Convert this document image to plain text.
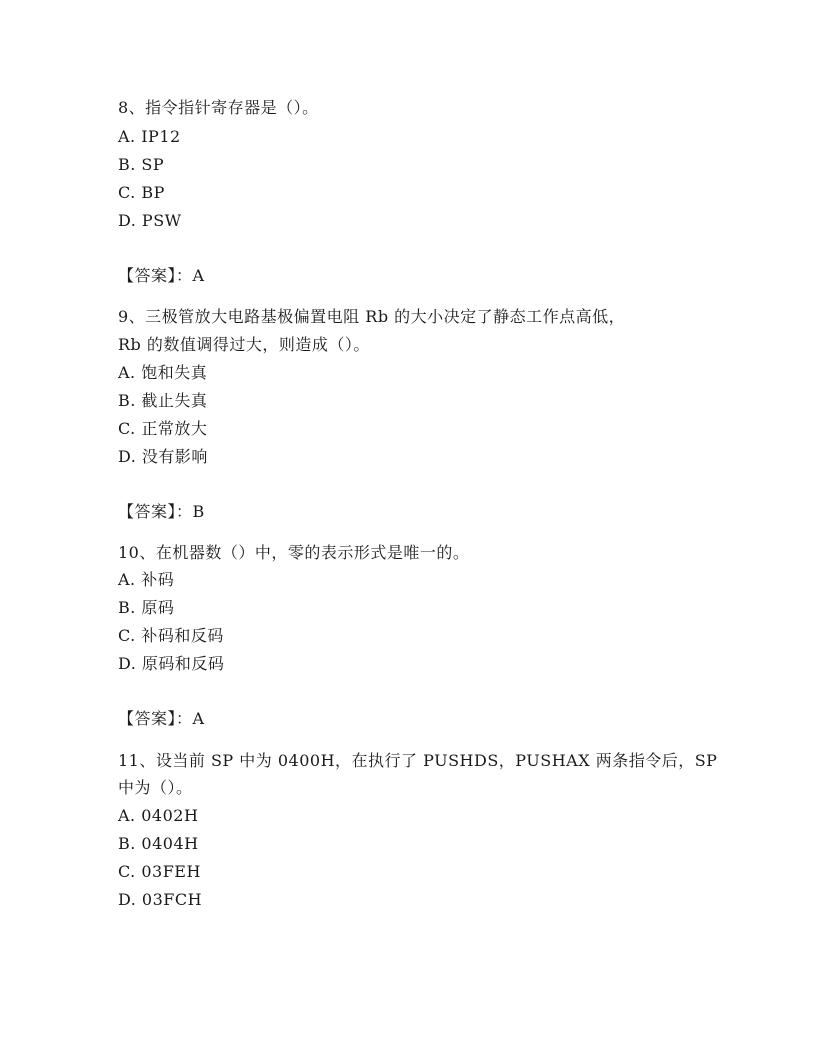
8、指令指针寄存器是（）。
A. IP12
B. SP
C. BP
D. PSW
【答案】：A
9、三极管放大电路基极偏置电阻 Rb 的大小决定了静态工作点高低，
Rb 的数值调得过大，则造成（）。
A. 饱和失真
B. 截止失真
C. 正常放大
D. 没有影响
【答案】：B
10、在机器数（）中，零的表示形式是唯一的。
A. 补码
B. 原码
C. 补码和反码
D. 原码和反码
【答案】：A
11、设当前 SP 中为 0400H，在执行了 PUSHDS，PUSHAX 两条指令后，SP
中为（）。
A. 0402H
B. 0404H
C. 03FEH
D. 03FCH
